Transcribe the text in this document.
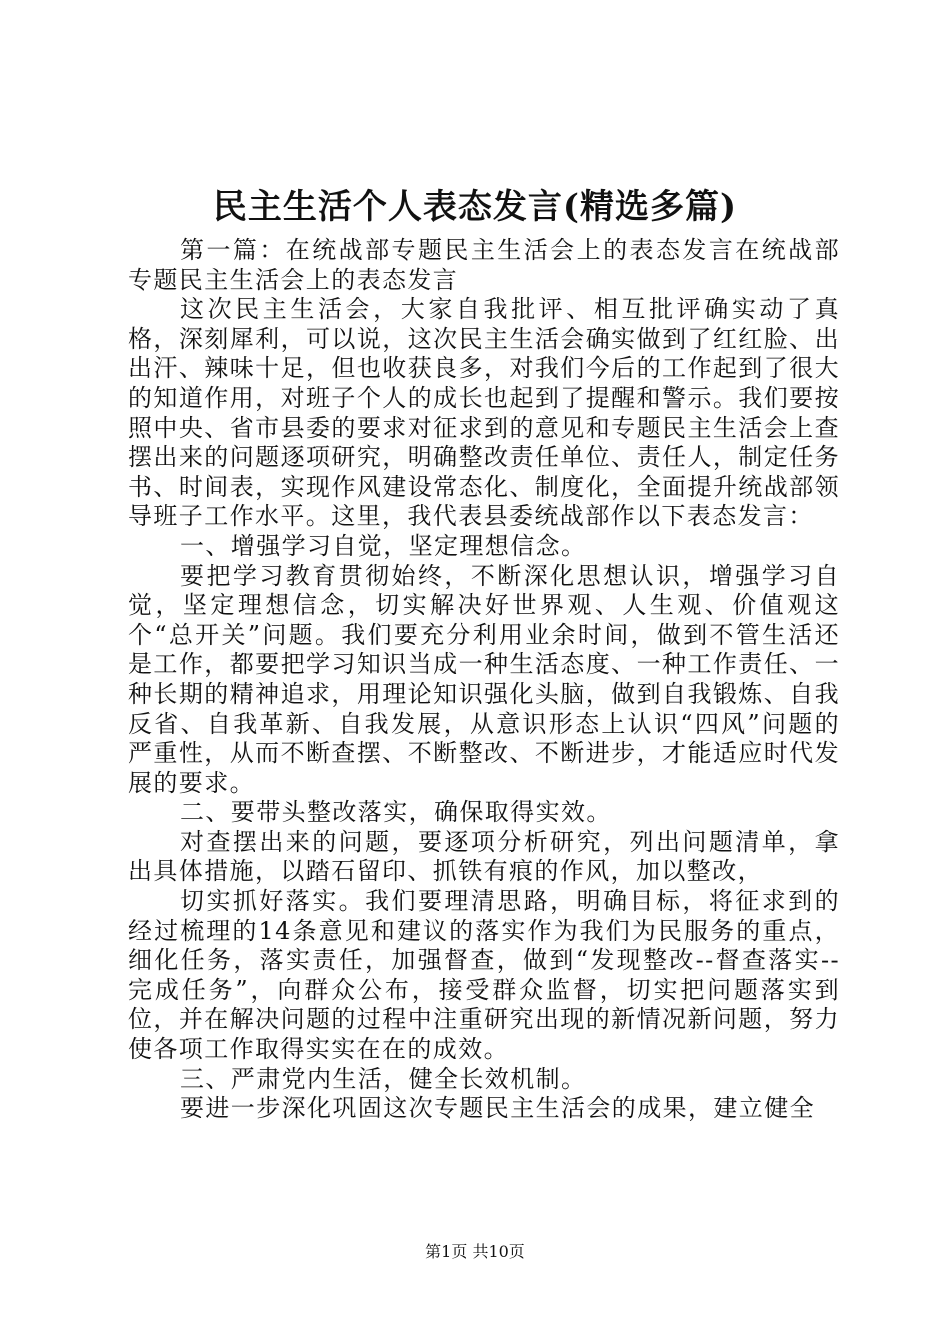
民主生活个人表态发言(精选多篇)

第一篇：在统战部专题民主生活会上的表态发言在统战部专题民主生活会上的表态发言

这次民主生活会，大家自我批评、相互批评确实动了真格，深刻犀利，可以说，这次民主生活会确实做到了红红脸、出出汗、辣味十足，但也收获良多，对我们今后的工作起到了很大的知道作用，对班子个人的成长也起到了提醒和警示。我们要按照中央、省市县委的要求对征求到的意见和专题民主生活会上查摆出来的问题逐项研究，明确整改责任单位、责任人，制定任务书、时间表，实现作风建设常态化、制度化，全面提升统战部领导班子工作水平。这里，我代表县委统战部作以下表态发言：

一、增强学习自觉，坚定理想信念。

要把学习教育贯彻始终，不断深化思想认识，增强学习自觉，坚定理想信念，切实解决好世界观、人生观、价值观这个“总开关”问题。我们要充分利用业余时间，做到不管生活还是工作，都要把学习知识当成一种生活态度、一种工作责任、一种长期的精神追求，用理论知识强化头脑，做到自我锻炼、自我反省、自我革新、自我发展，从意识形态上认识“四风”问题的严重性，从而不断查摆、不断整改、不断进步，才能适应时代发展的要求。

二、要带头整改落实，确保取得实效。

对查摆出来的问题，要逐项分析研究，列出问题清单，拿出具体措施，以踏石留印、抓铁有痕的作风，加以整改，

切实抓好落实。我们要理清思路，明确目标，将征求到的经过梳理的14条意见和建议的落实作为我们为民服务的重点，细化任务，落实责任，加强督查，做到“发现整改--督查落实--完成任务”，向群众公布，接受群众监督，切实把问题落实到位，并在解决问题的过程中注重研究出现的新情况新问题，努力使各项工作取得实实在在的成效。

三、严肃党内生活，健全长效机制。

要进一步深化巩固这次专题民主生活会的成果，建立健全

第1页 共10页
